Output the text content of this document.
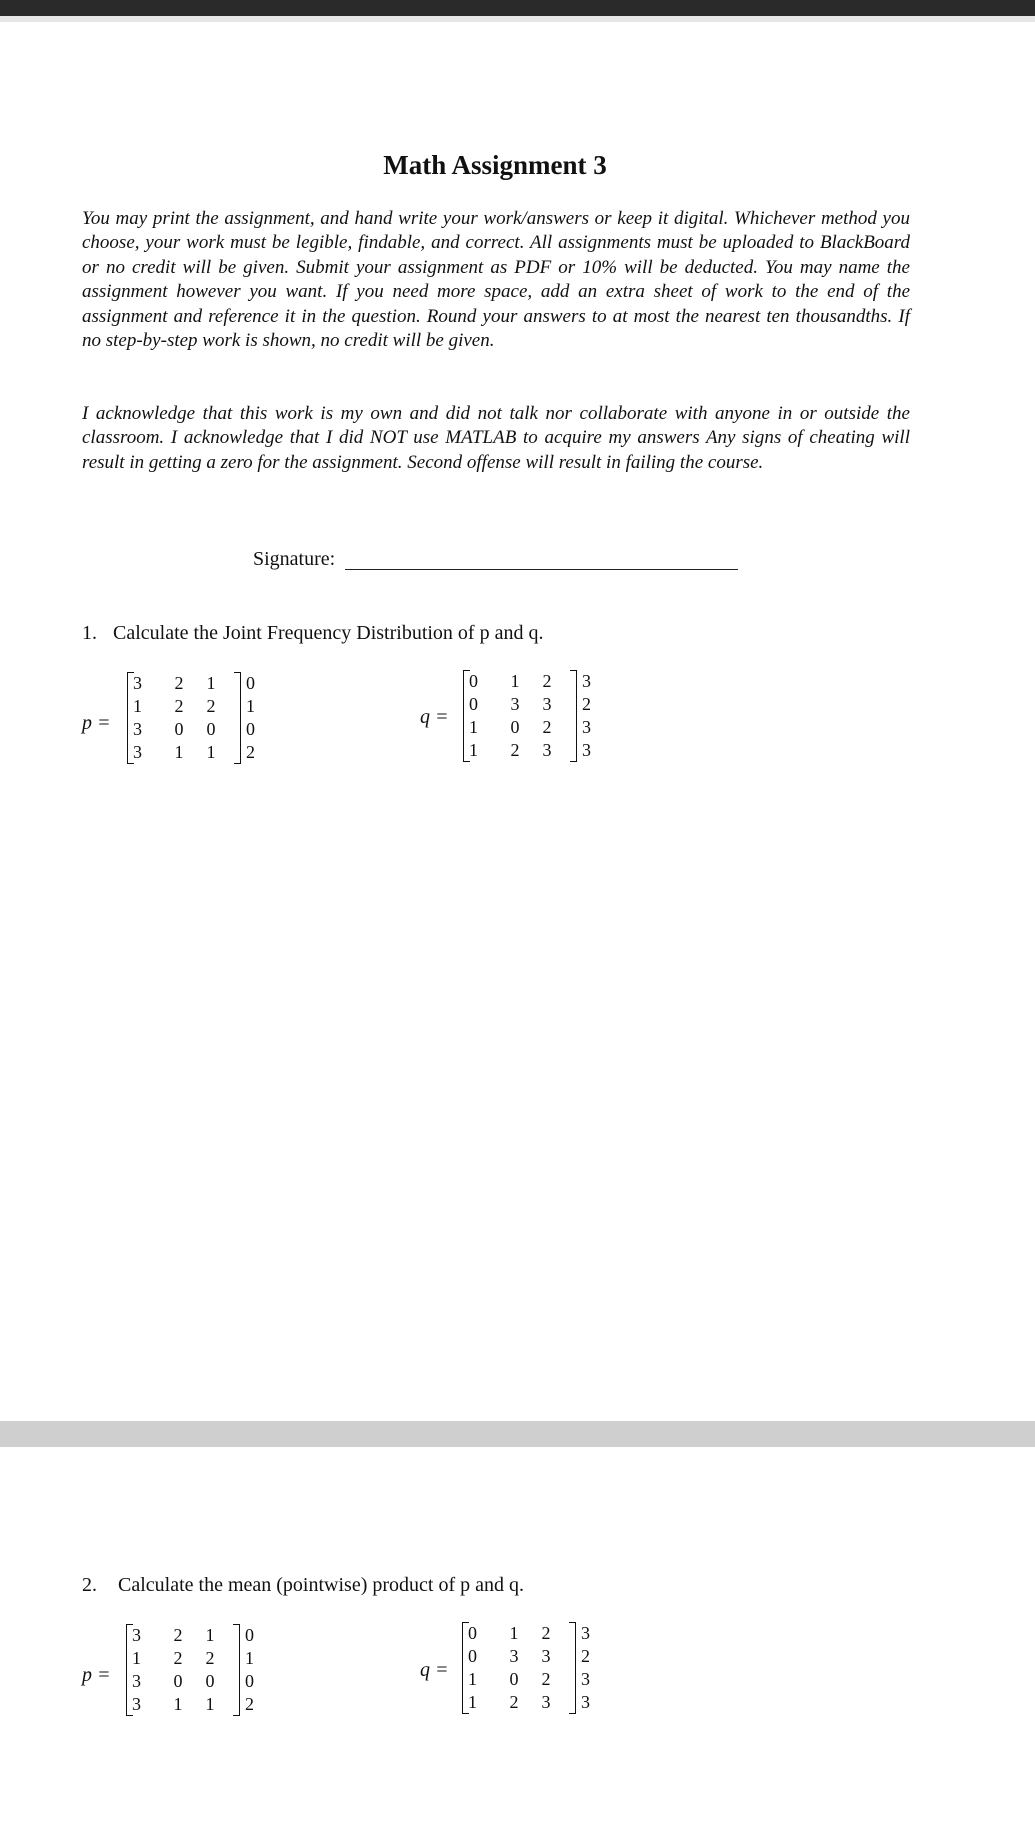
Math Assignment 3
You may print the assignment, and hand write your work/answers or keep it digital. Whichever method you choose, your work must be legible, findable, and correct. All assignments must be uploaded to BlackBoard or no credit will be given. Submit your assignment as PDF or 10% will be deducted. You may name the assignment however you want. If you need more space, add an extra sheet of work to the end of the assignment and reference it in the question. Round your answers to at most the nearest ten thousandths. If no step-by-step work is shown, no credit will be given.
I acknowledge that this work is my own and did not talk nor collaborate with anyone in or outside the classroom. I acknowledge that I did NOT use MATLAB to acquire my answers Any signs of cheating will result in getting a zero for the assignment. Second offense will result in failing the course.
Signature:
1. Calculate the Joint Frequency Distribution of p and q.
p =
3	2	1	0
1	2	2	1
3	0	0	0
3	1	1	2
q =
0	1	2	3
0	3	3	2
1	0	2	3
1	2	3	3
2. Calculate the mean (pointwise) product of p and q.
p =
3	2	1	0
1	2	2	1
3	0	0	0
3	1	1	2
q =
0	1	2	3
0	3	3	2
1	0	2	3
1	2	3	3
